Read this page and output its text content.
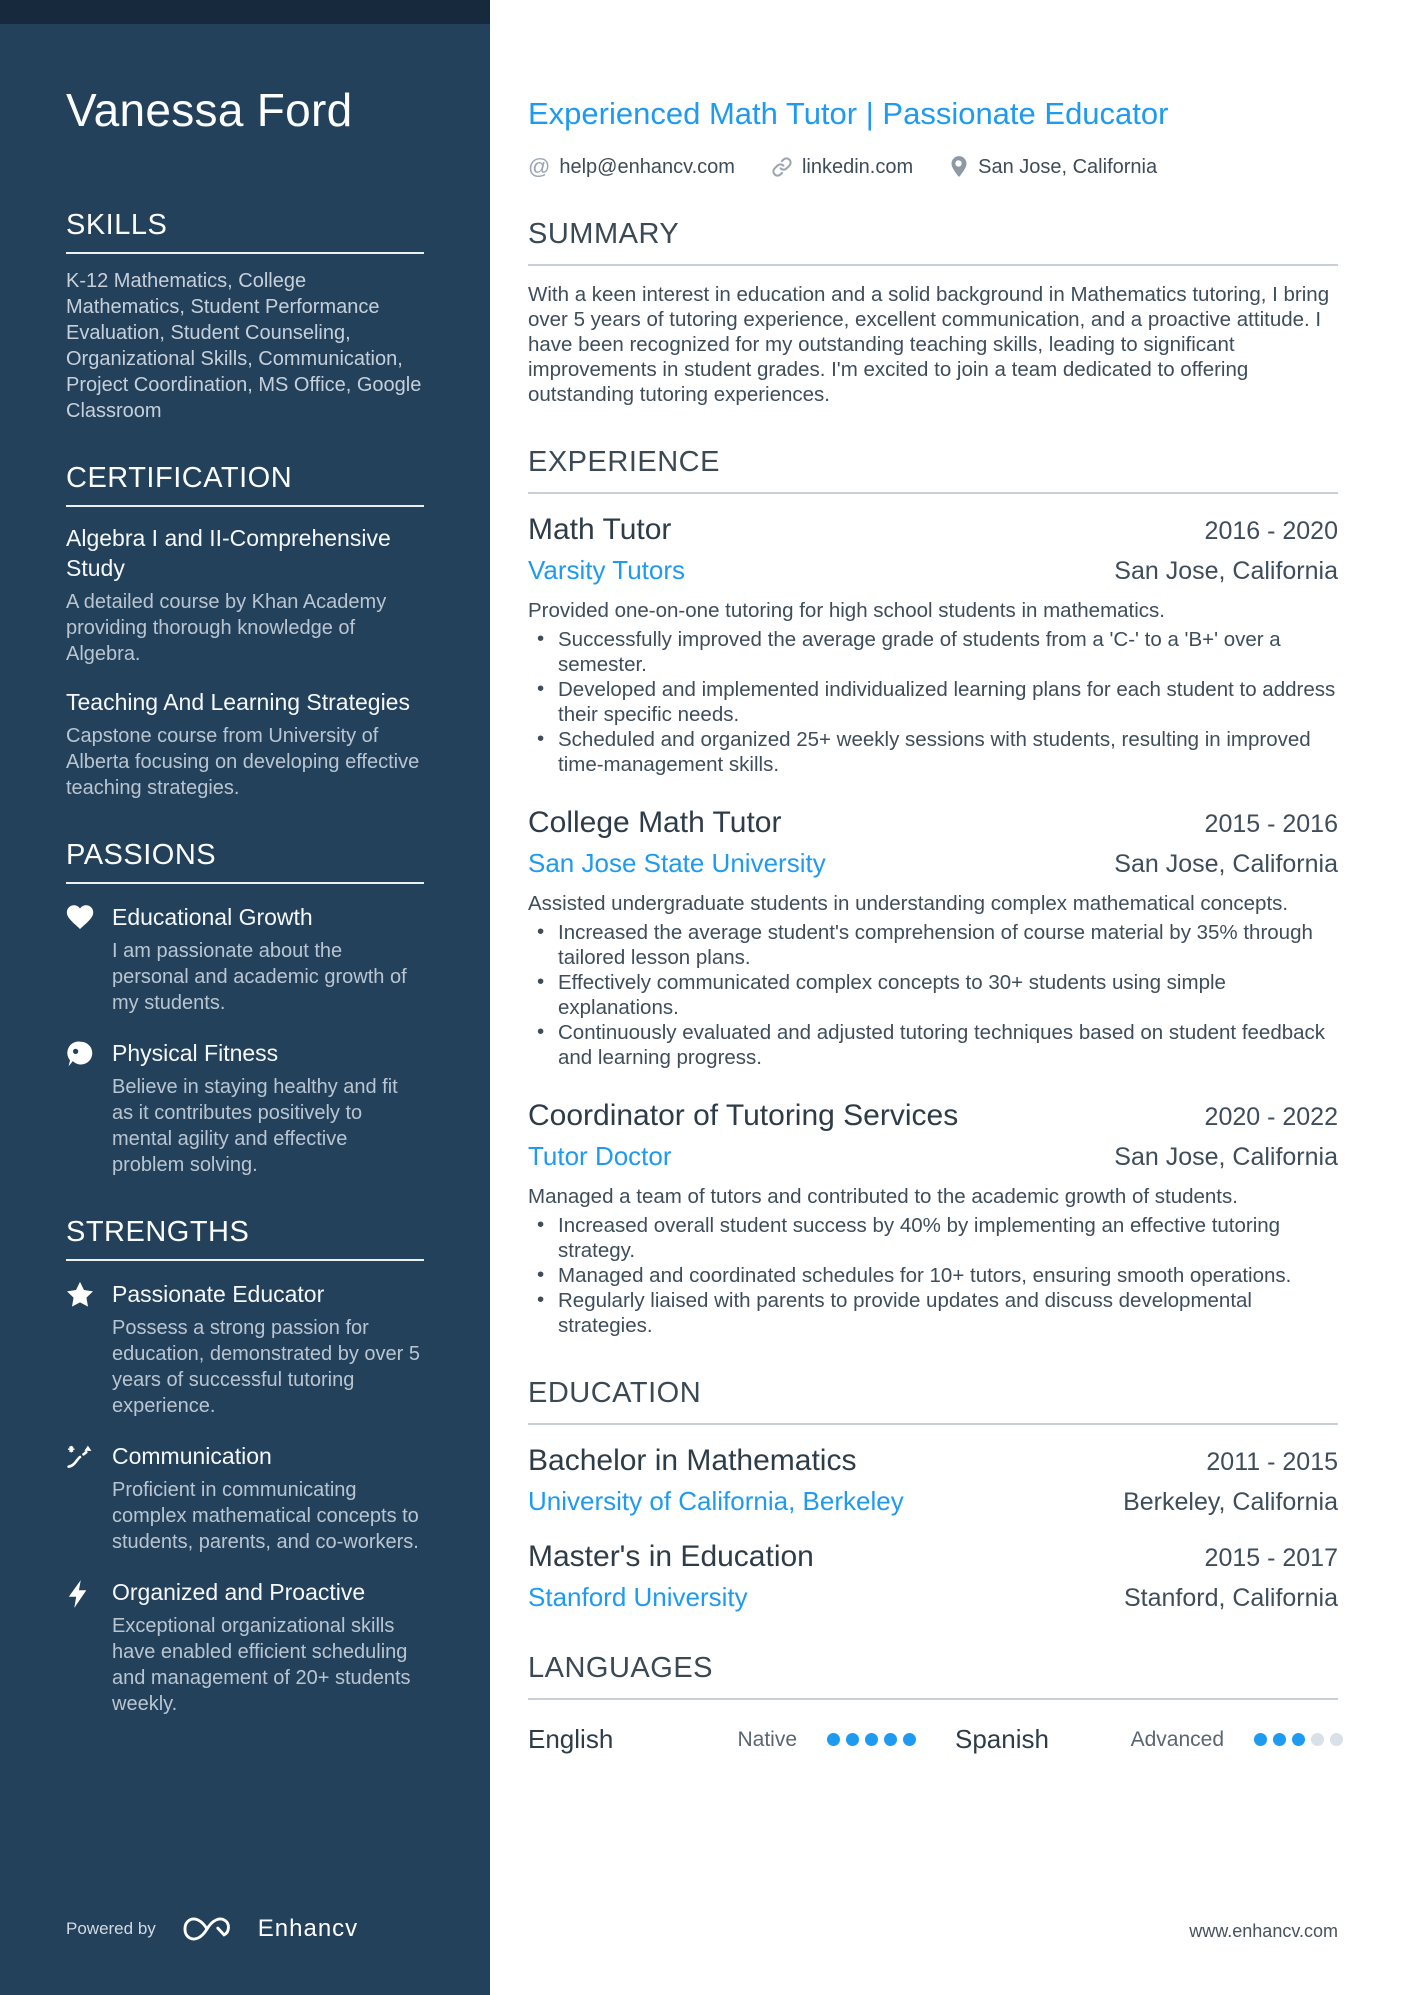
Vanessa Ford
SKILLS

K-12 Mathematics, College Mathematics, Student Performance Evaluation, Student Counseling, Organizational Skills, Communication, Project Coordination, MS Office, Google Classroom

CERTIFICATION
Algebra I and II-Comprehensive Study

A detailed course by Khan Academy providing thorough knowledge of Algebra.

Teaching And Learning Strategies

Capstone course from University of Alberta focusing on developing effective teaching strategies.

PASSIONS
Educational Growth

I am passionate about the personal and academic growth of my students.

Physical Fitness

Believe in staying healthy and fit as it contributes positively to mental agility and effective problem solving.

STRENGTHS
Passionate Educator

Possess a strong passion for education, demonstrated by over 5 years of successful tutoring experience.

Communication

Proficient in communicating complex mathematical concepts to students, parents, and co-workers.

Organized and Proactive

Exceptional organizational skills have enabled efficient scheduling and management of 20+ students weekly.

Powered by	Enhancv
Experienced Math Tutor | Passionate Educator
@ help@enhancv.com	linkedin.com	San Jose, California
SUMMARY

With a keen interest in education and a solid background in Mathematics tutoring, I bring over 5 years of tutoring experience, excellent communication, and a proactive attitude. I have been recognized for my outstanding teaching skills, leading to significant improvements in student grades. I'm excited to join a team dedicated to offering outstanding tutoring experiences.

EXPERIENCE
Math Tutor	2016 - 2020
Varsity Tutors	San Jose, California

Provided one-on-one tutoring for high school students in mathematics.

• Successfully improved the average grade of students from a 'C-' to a 'B+' over a semester.
• Developed and implemented individualized learning plans for each student to address their specific needs.
• Scheduled and organized 25+ weekly sessions with students, resulting in improved time-management skills.
College Math Tutor	2015 - 2016
San Jose State University	San Jose, California

Assisted undergraduate students in understanding complex mathematical concepts.

• Increased the average student's comprehension of course material by 35% through tailored lesson plans.
• Effectively communicated complex concepts to 30+ students using simple explanations.
• Continuously evaluated and adjusted tutoring techniques based on student feedback and learning progress.
Coordinator of Tutoring Services	2020 - 2022
Tutor Doctor	San Jose, California

Managed a team of tutors and contributed to the academic growth of students.

• Increased overall student success by 40% by implementing an effective tutoring strategy.
• Managed and coordinated schedules for 10+ tutors, ensuring smooth operations.
• Regularly liaised with parents to provide updates and discuss developmental strategies.
EDUCATION
Bachelor in Mathematics	2011 - 2015
University of California, Berkeley	Berkeley, California
Master's in Education	2015 - 2017
Stanford University	Stanford, California
LANGUAGES
English	Native	Spanish	Advanced
www.enhancv.com
